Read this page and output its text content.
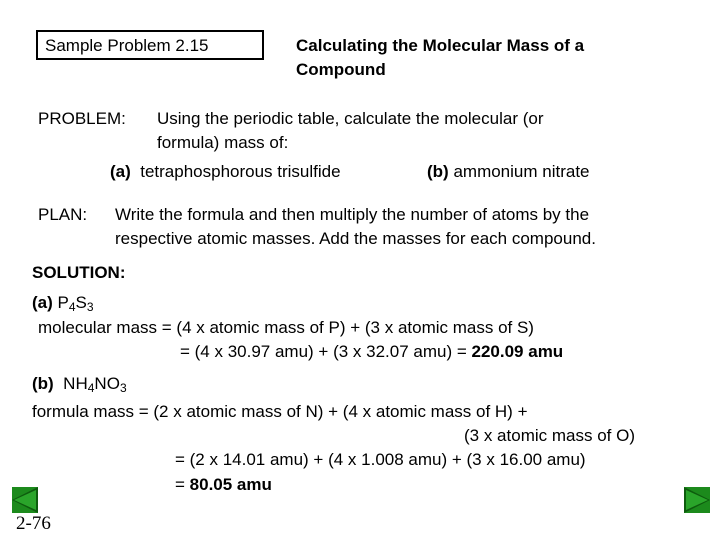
Sample Problem 2.15	Calculating the Molecular Mass of a
Compound
PROBLEM: Using the periodic table, calculate the molecular (or
formula) mass of:
(a) tetraphosphorous trisulfide	(b) ammonium nitrate
PLAN: Write the formula and then multiply the number of atoms by the
respective atomic masses. Add the masses for each compound.
SOLUTION:
(a) $P_4S_3$
molecular mass = (4 x atomic mass of P) + (3 x atomic mass of S)
= (4 x 30.97 amu) + (3 x 32.07 amu) = 220.09 amu
(b) $NH_4NO_3$
formula mass = (2 x atomic mass of N) + (4 x atomic mass of H) +
(3 x atomic mass of O)
= (2 x 14.01 amu) + (4 x 1.008 amu) + (3 x 16.00 amu)
= 80.05 amu
2-76
